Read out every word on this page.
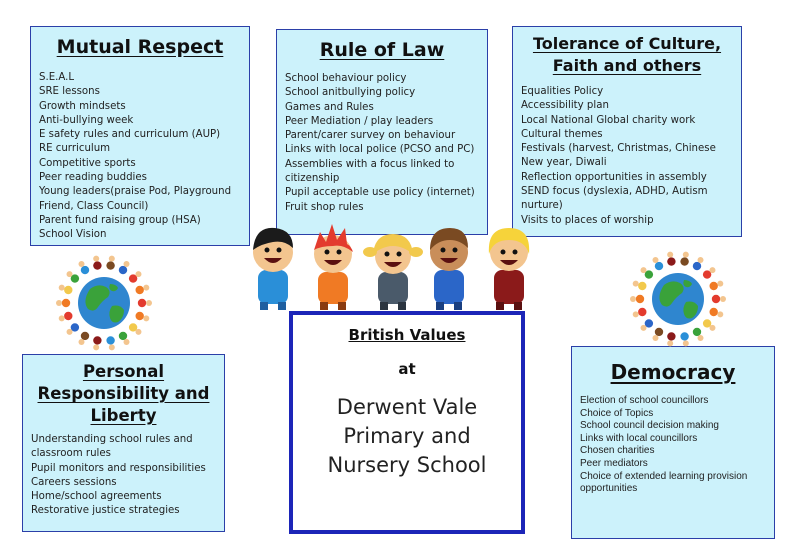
Mutual Respect
S.E.A.L
SRE lessons
Growth mindsets
Anti-bullying week
E safety rules and curriculum (AUP)
RE curriculum
Competitive sports
Peer reading buddies
Young leaders(praise Pod, Playground Friend, Class Council)
Parent fund raising group (HSA)
School Vision
Rule of Law
School behaviour policy
School anitbullying policy
Games and Rules
Peer Mediation / play leaders
Parent/carer survey on behaviour
Links with local police (PCSO and PC)
Assemblies with a focus linked to citizenship
Pupil acceptable use policy (internet)
Fruit shop rules
Tolerance of Culture, Faith and others
Equalities Policy
Accessibility plan
Local National Global charity work
Cultural themes
Festivals (harvest, Christmas, Chinese New year, Diwali
Reflection opportunities in assembly
SEND focus (dyslexia, ADHD, Autism nurture)
Visits to places of worship
Personal Responsibility and Liberty
Understanding school rules and classroom rules
Pupil monitors and responsibilities
Careers sessions
Home/school agreements
Restorative justice strategies
Democracy
Election of school councillors
Choice of Topics
School council decision making
Links with local councillors
Chosen charities
Peer mediators
Choice of extended learning provision opportunities
British Values
at
Derwent Vale Primary and Nursery School
